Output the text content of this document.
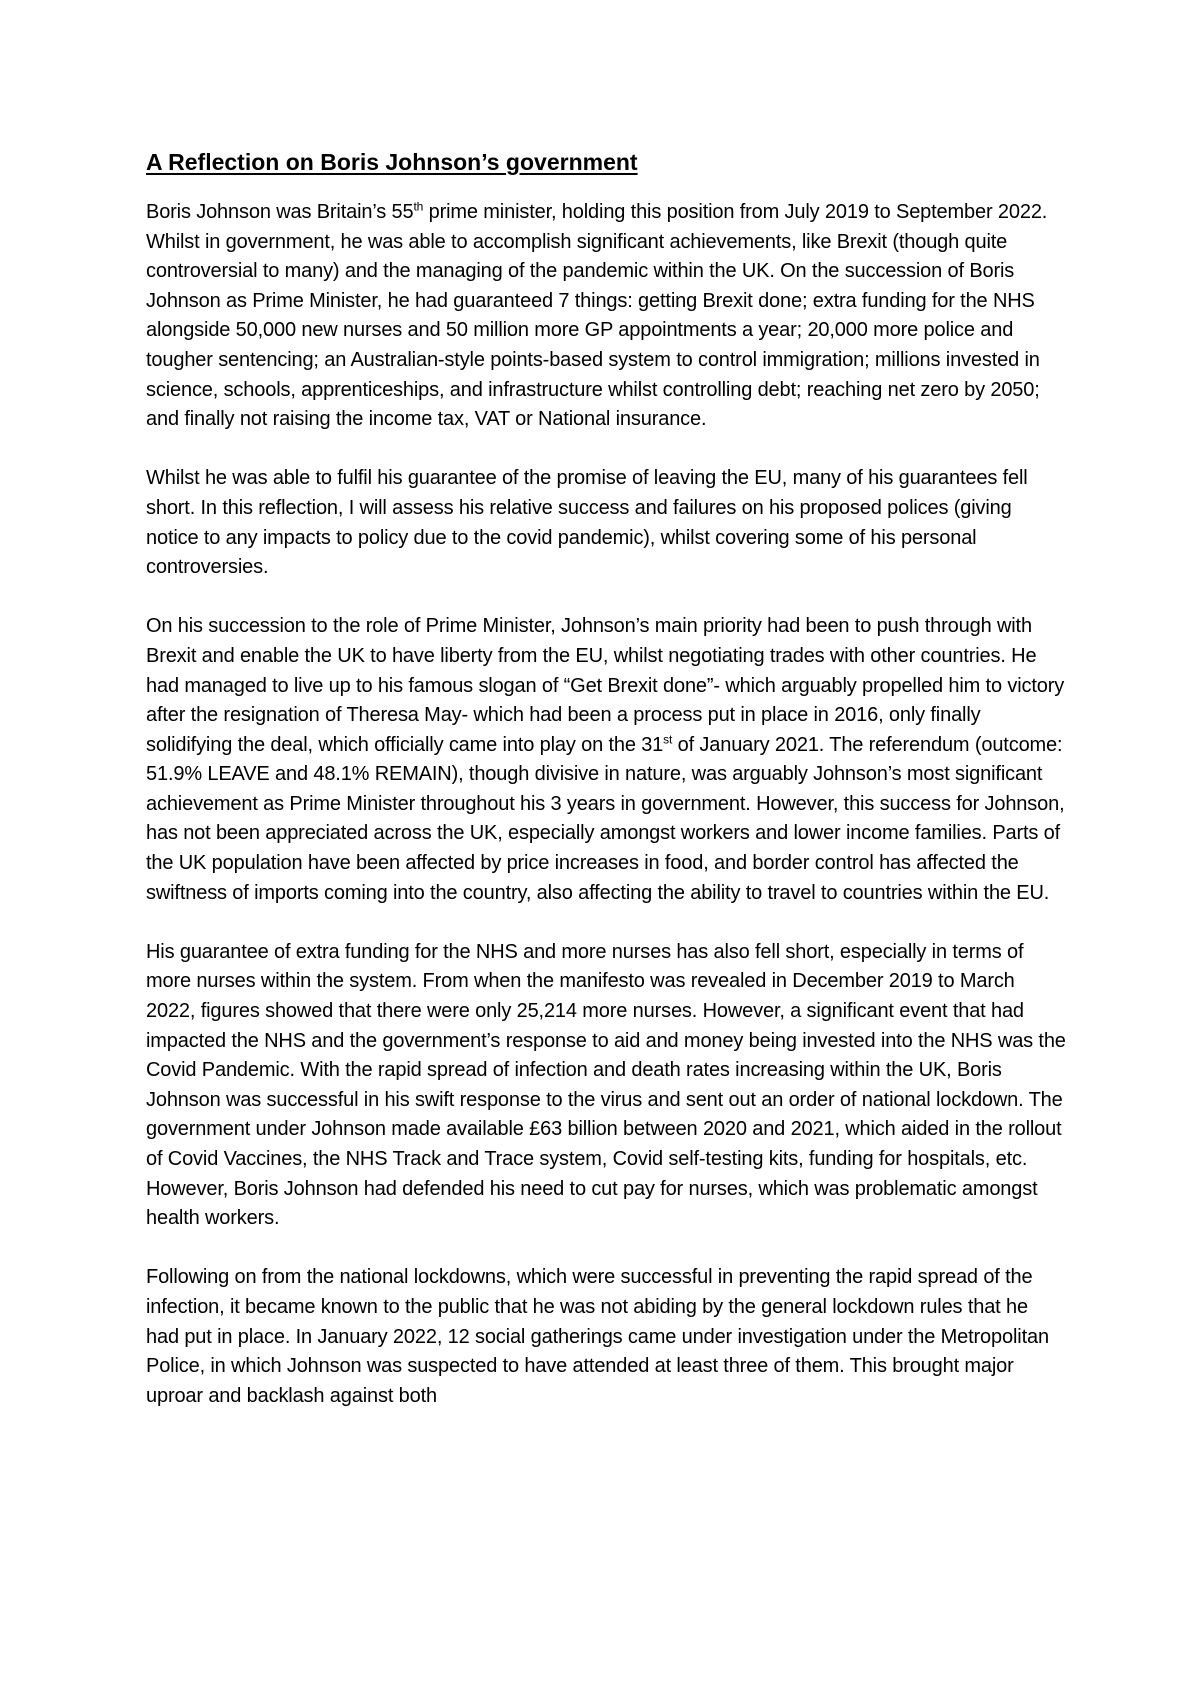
A Reflection on Boris Johnson’s government

Boris Johnson was Britain’s 55th prime minister, holding this position from July 2019 to September 2022. Whilst in government, he was able to accomplish significant achievements, like Brexit (though quite controversial to many) and the managing of the pandemic within the UK. On the succession of Boris Johnson as Prime Minister, he had guaranteed 7 things: getting Brexit done; extra funding for the NHS alongside 50,000 new nurses and 50 million more GP appointments a year; 20,000 more police and tougher sentencing; an Australian-style points-based system to control immigration; millions invested in science, schools, apprenticeships, and infrastructure whilst controlling debt; reaching net zero by 2050; and finally not raising the income tax, VAT or National insurance.

Whilst he was able to fulfil his guarantee of the promise of leaving the EU, many of his guarantees fell short. In this reflection, I will assess his relative success and failures on his proposed polices (giving notice to any impacts to policy due to the covid pandemic), whilst covering some of his personal controversies.

On his succession to the role of Prime Minister, Johnson’s main priority had been to push through with Brexit and enable the UK to have liberty from the EU, whilst negotiating trades with other countries. He had managed to live up to his famous slogan of “Get Brexit done”- which arguably propelled him to victory after the resignation of Theresa May- which had been a process put in place in 2016, only finally solidifying the deal, which officially came into play on the 31st of January 2021. The referendum (outcome: 51.9% LEAVE and 48.1% REMAIN), though divisive in nature, was arguably Johnson’s most significant achievement as Prime Minister throughout his 3 years in government. However, this success for Johnson, has not been appreciated across the UK, especially amongst workers and lower income families. Parts of the UK population have been affected by price increases in food, and border control has affected the swiftness of imports coming into the country, also affecting the ability to travel to countries within the EU.

His guarantee of extra funding for the NHS and more nurses has also fell short, especially in terms of more nurses within the system. From when the manifesto was revealed in December 2019 to March 2022, figures showed that there were only 25,214 more nurses. However, a significant event that had impacted the NHS and the government’s response to aid and money being invested into the NHS was the Covid Pandemic. With the rapid spread of infection and death rates increasing within the UK, Boris Johnson was successful in his swift response to the virus and sent out an order of national lockdown. The government under Johnson made available £63 billion between 2020 and 2021, which aided in the rollout of Covid Vaccines, the NHS Track and Trace system, Covid self-testing kits, funding for hospitals, etc. However, Boris Johnson had defended his need to cut pay for nurses, which was problematic amongst health workers.

Following on from the national lockdowns, which were successful in preventing the rapid spread of the infection, it became known to the public that he was not abiding by the general lockdown rules that he had put in place. In January 2022, 12 social gatherings came under investigation under the Metropolitan Police, in which Johnson was suspected to have attended at least three of them. This brought major uproar and backlash against both
